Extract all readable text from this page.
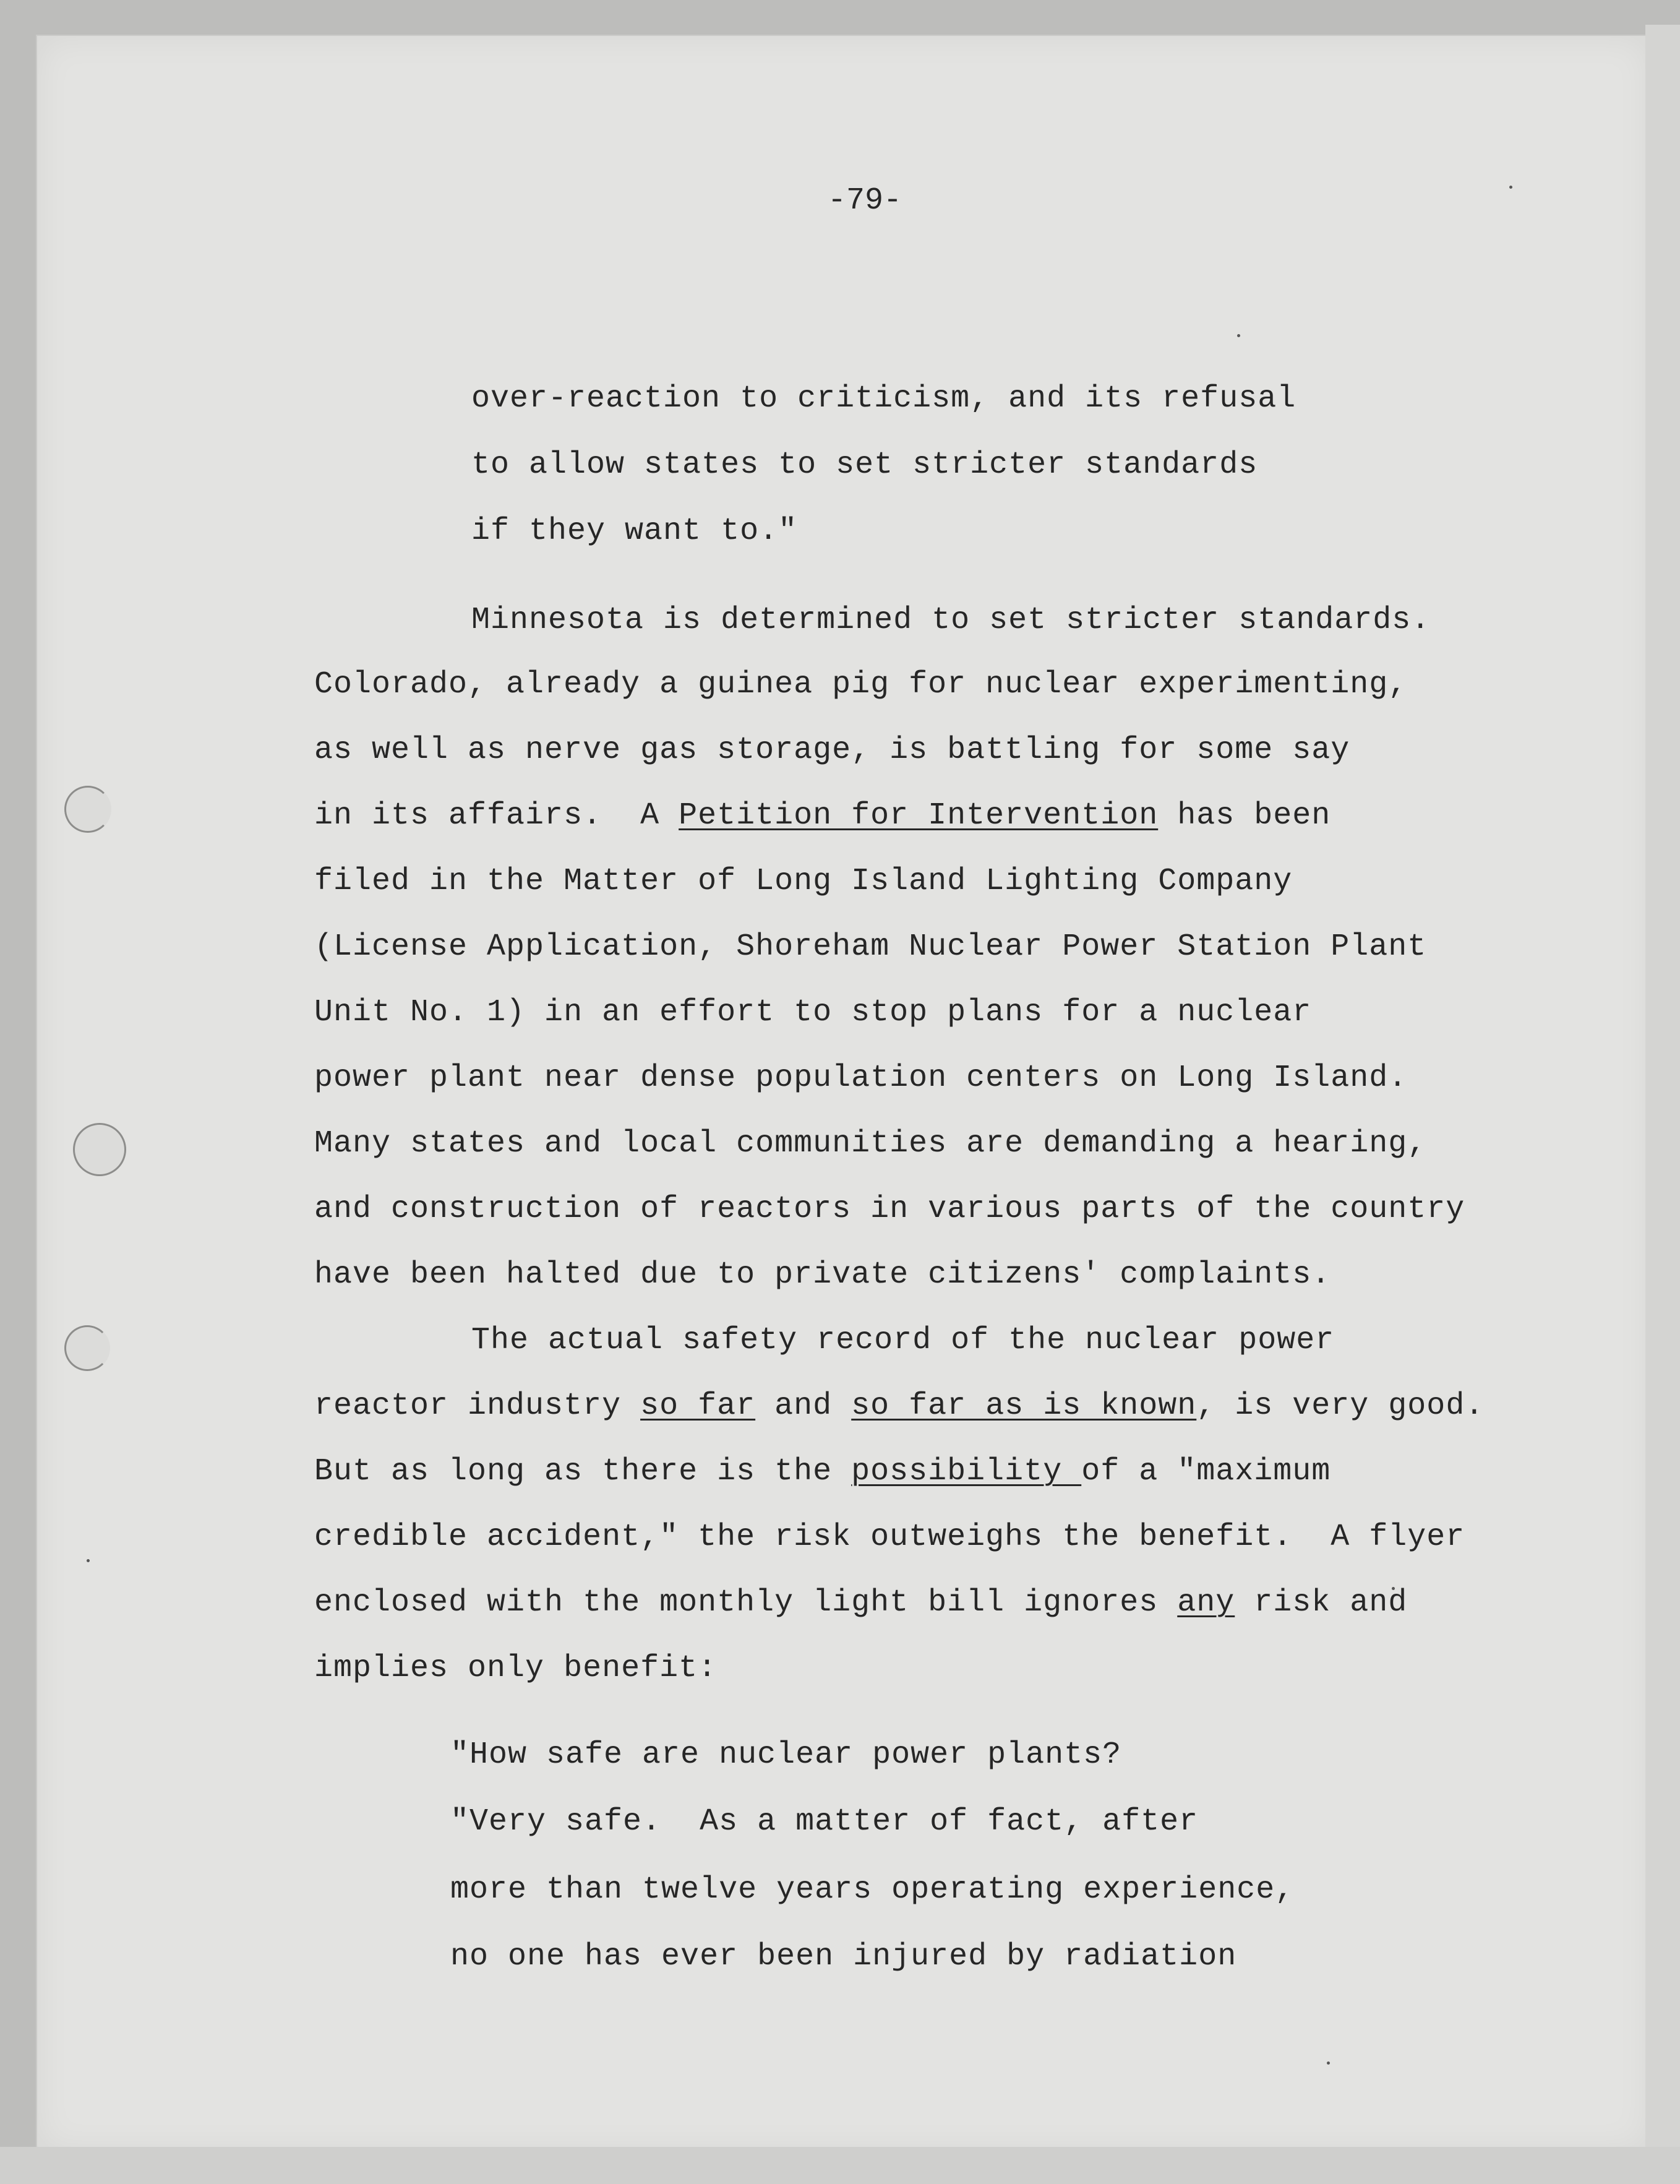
-79-
over-reaction to criticism, and its refusal
to allow states to set stricter standards
if they want to."
Minnesota is determined to set stricter standards.
Colorado, already a guinea pig for nuclear experimenting,
as well as nerve gas storage, is battling for some say
in its affairs.  A Petition for Intervention has been
filed in the Matter of Long Island Lighting Company
(License Application, Shoreham Nuclear Power Station Plant
Unit No. 1) in an effort to stop plans for a nuclear
power plant near dense population centers on Long Island.
Many states and local communities are demanding a hearing,
and construction of reactors in various parts of the country
have been halted due to private citizens' complaints.
The actual safety record of the nuclear power
reactor industry so far and so far as is known, is very good.
But as long as there is the possibility of a "maximum
credible accident," the risk outweighs the benefit.  A flyer
enclosed with the monthly light bill ignores any risk and
implies only benefit:
"How safe are nuclear power plants?
"Very safe.  As a matter of fact, after
more than twelve years operating experience,
no one has ever been injured by radiation
